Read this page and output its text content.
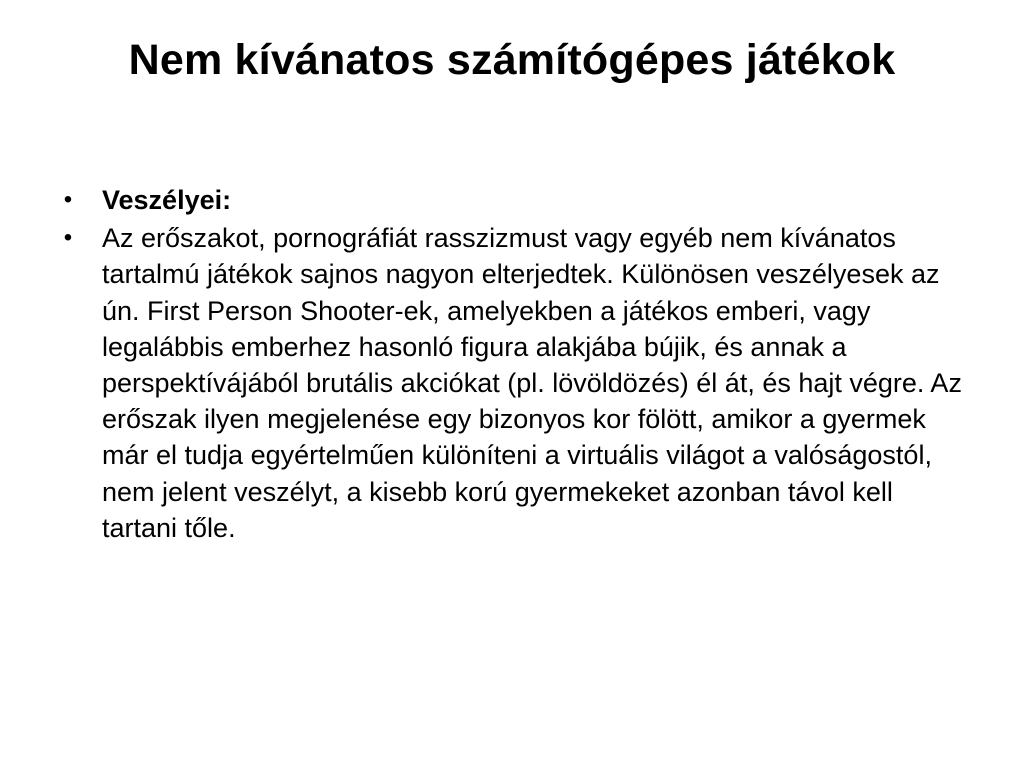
Nem kívánatos számítógépes játékok
• Veszélyei:
• Az erőszakot, pornográfiát rasszizmust vagy egyéb nem kívánatos tartalmú játékok sajnos nagyon elterjedtek. Különösen veszélyesek az ún. First Person Shooter-ek, amelyekben a játékos emberi, vagy legalábbis emberhez hasonló figura alakjába bújik, és annak a perspektívájából brutális akciókat (pl. lövöldözés) él át, és hajt végre. Az erőszak ilyen megjelenése egy bizonyos kor fölött, amikor a gyermek már el tudja egyértelműen különíteni a virtuális világot a valóságostól, nem jelent veszélyt, a kisebb korú gyermekeket azonban távol kell tartani tőle.
